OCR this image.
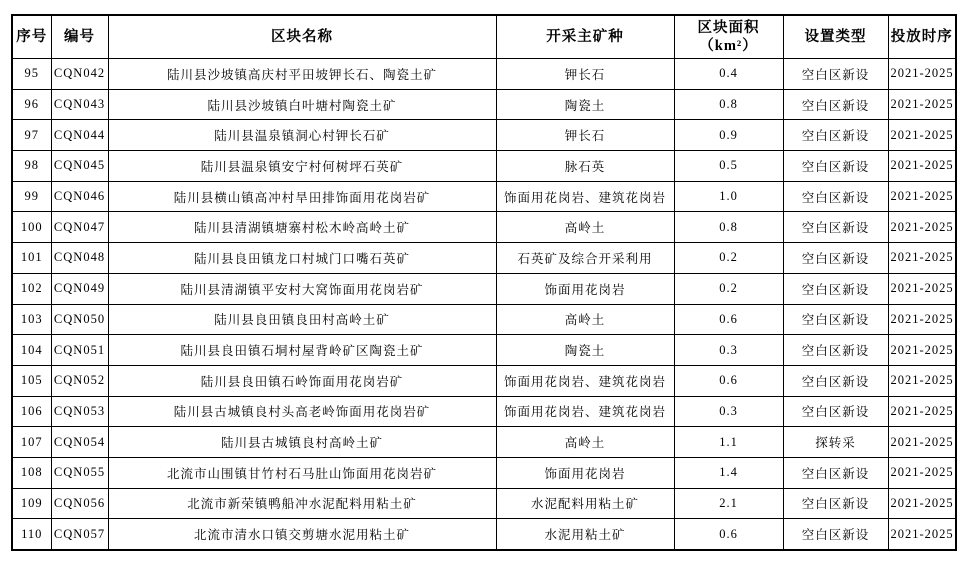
序号	编号	区块名称	开采主矿种	区块面积（km²）	设置类型	投放时序
95	CQN042	陆川县沙坡镇高庆村平田坡钾长石、陶瓷土矿	钾长石	0.4	空白区新设	2021-2025
96	CQN043	陆川县沙坡镇白叶塘村陶瓷土矿	陶瓷土	0.8	空白区新设	2021-2025
97	CQN044	陆川县温泉镇洞心村钾长石矿	钾长石	0.9	空白区新设	2021-2025
98	CQN045	陆川县温泉镇安宁村何树坪石英矿	脉石英	0.5	空白区新设	2021-2025
99	CQN046	陆川县横山镇高冲村旱田排饰面用花岗岩矿	饰面用花岗岩、建筑花岗岩	1.0	空白区新设	2021-2025
100	CQN047	陆川县清湖镇塘寨村松木岭高岭土矿	高岭土	0.8	空白区新设	2021-2025
101	CQN048	陆川县良田镇龙口村城门口嘴石英矿	石英矿及综合开采利用	0.2	空白区新设	2021-2025
102	CQN049	陆川县清湖镇平安村大窝饰面用花岗岩矿	饰面用花岗岩	0.2	空白区新设	2021-2025
103	CQN050	陆川县良田镇良田村高岭土矿	高岭土	0.6	空白区新设	2021-2025
104	CQN051	陆川县良田镇石垌村屋背岭矿区陶瓷土矿	陶瓷土	0.3	空白区新设	2021-2025
105	CQN052	陆川县良田镇石岭饰面用花岗岩矿	饰面用花岗岩、建筑花岗岩	0.6	空白区新设	2021-2025
106	CQN053	陆川县古城镇良村头高老岭饰面用花岗岩矿	饰面用花岗岩、建筑花岗岩	0.3	空白区新设	2021-2025
107	CQN054	陆川县古城镇良村高岭土矿	高岭土	1.1	探转采	2021-2025
108	CQN055	北流市山围镇甘竹村石马肚山饰面用花岗岩矿	饰面用花岗岩	1.4	空白区新设	2021-2025
109	CQN056	北流市新荣镇鸭船冲水泥配料用粘土矿	水泥配料用粘土矿	2.1	空白区新设	2021-2025
110	CQN057	北流市清水口镇交剪塘水泥用粘土矿	水泥用粘土矿	0.6	空白区新设	2021-2025
